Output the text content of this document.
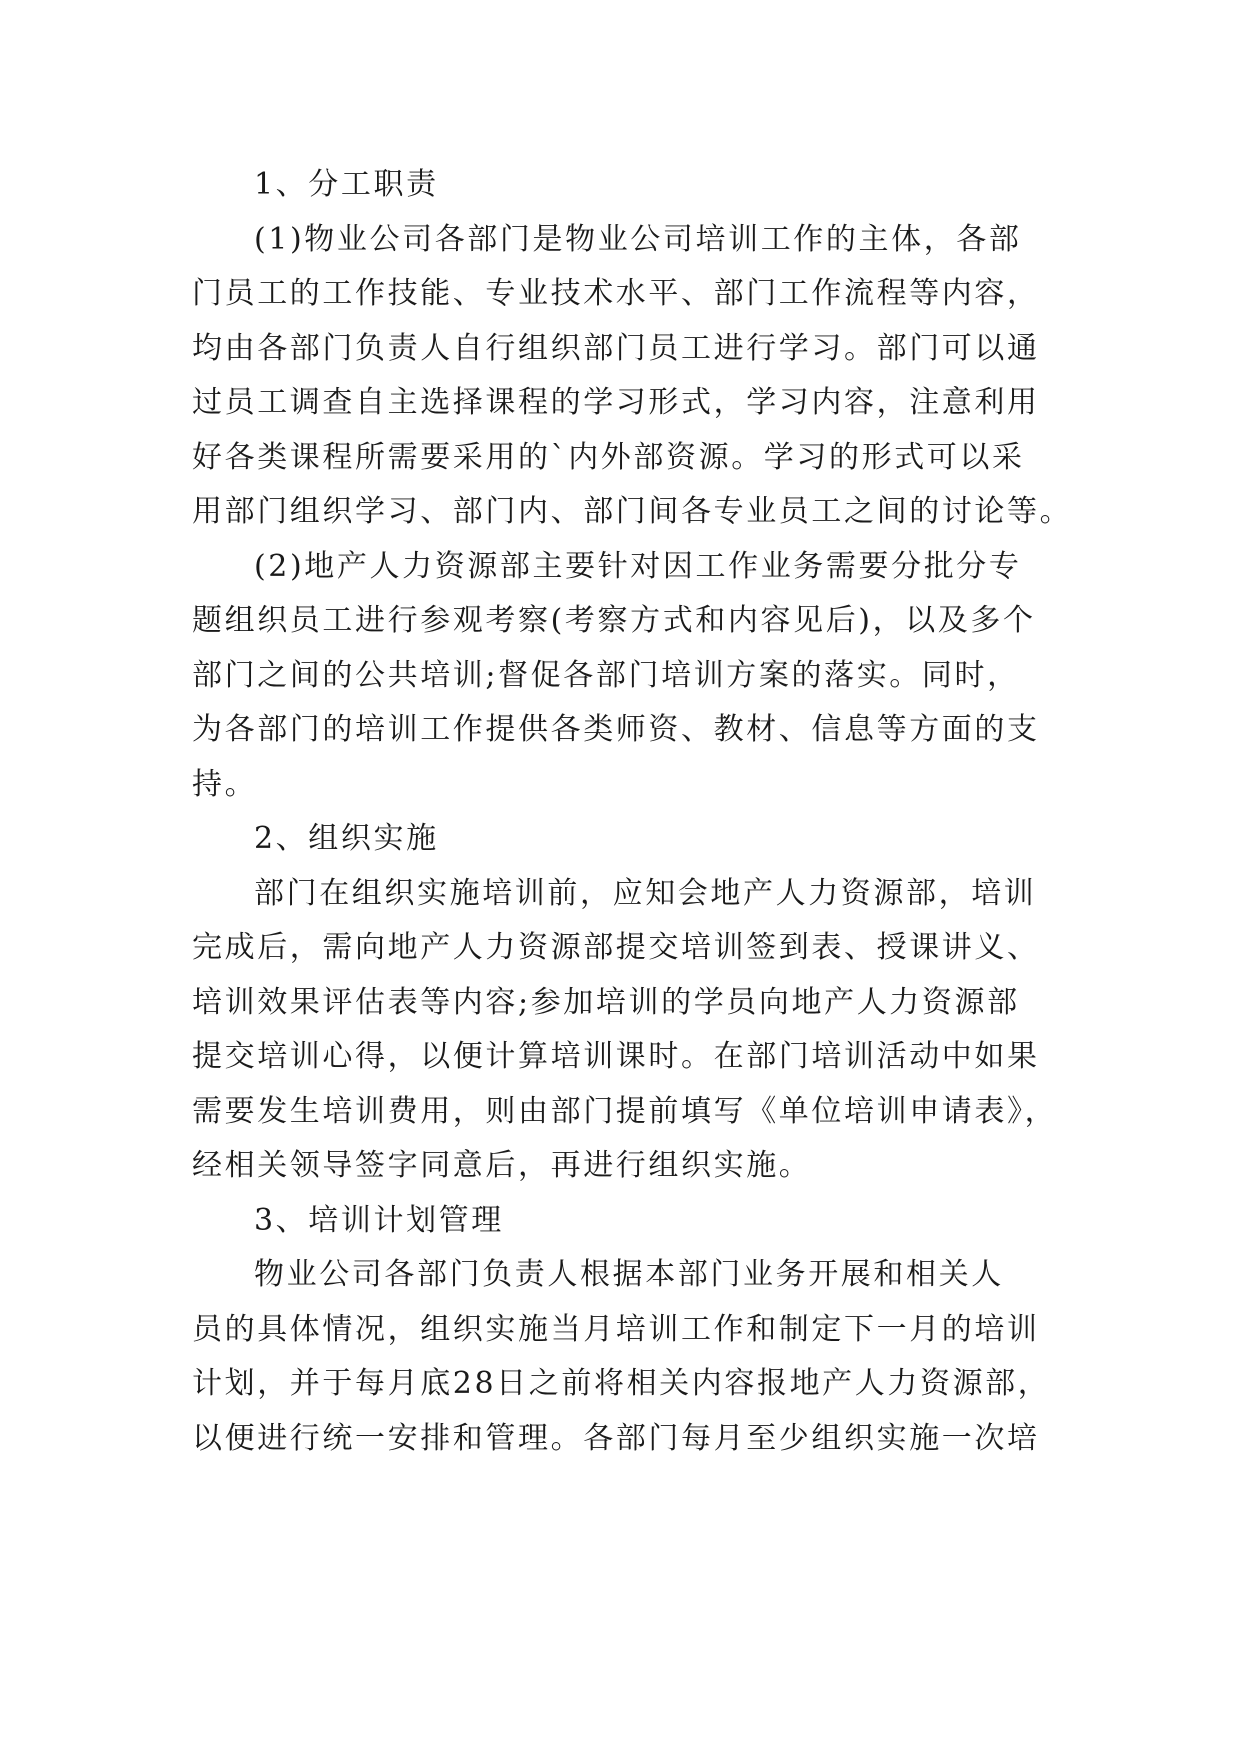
1、分工职责
(1)物业公司各部门是物业公司培训工作的主体，各部
门员工的工作技能、专业技术水平、部门工作流程等内容，
均由各部门负责人自行组织部门员工进行学习。部门可以通
过员工调查自主选择课程的学习形式，学习内容，注意利用
好各类课程所需要采用的`内外部资源。学习的形式可以采
用部门组织学习、部门内、部门间各专业员工之间的讨论等。
(2)地产人力资源部主要针对因工作业务需要分批分专
题组织员工进行参观考察(考察方式和内容见后)，以及多个
部门之间的公共培训;督促各部门培训方案的落实。同时，
为各部门的培训工作提供各类师资、教材、信息等方面的支
持。
2、组织实施
部门在组织实施培训前，应知会地产人力资源部，培训
完成后，需向地产人力资源部提交培训签到表、授课讲义、
培训效果评估表等内容;参加培训的学员向地产人力资源部
提交培训心得，以便计算培训课时。在部门培训活动中如果
需要发生培训费用，则由部门提前填写《单位培训申请表》，
经相关领导签字同意后，再进行组织实施。
3、培训计划管理
物业公司各部门负责人根据本部门业务开展和相关人
员的具体情况，组织实施当月培训工作和制定下一月的培训
计划，并于每月底28日之前将相关内容报地产人力资源部，
以便进行统一安排和管理。各部门每月至少组织实施一次培
